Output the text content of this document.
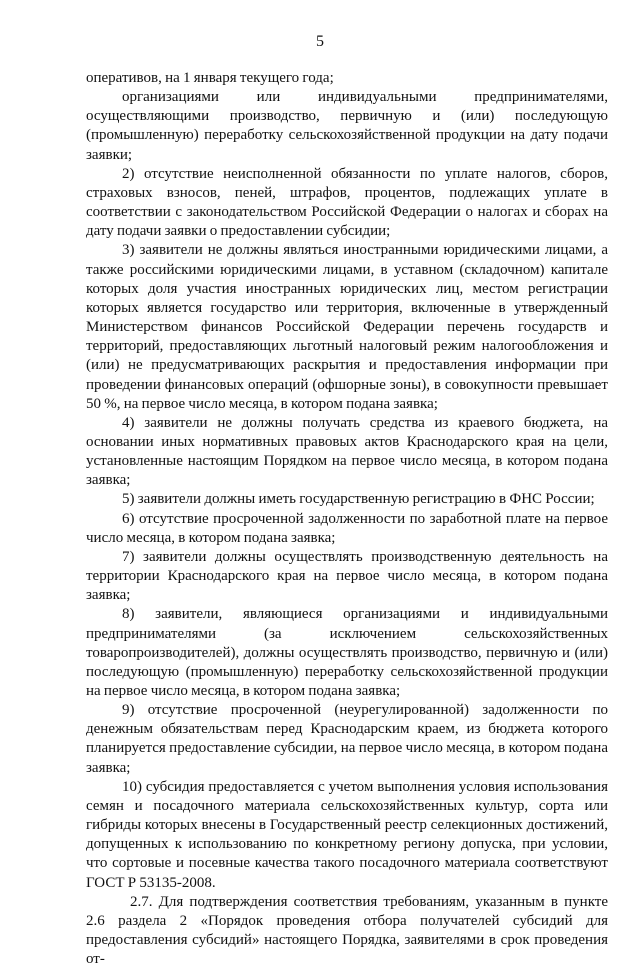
5

оперативов, на 1 января текущего года;

организациями или индивидуальными предпринимателями, осуществляющими производство, первичную и (или) последующую (промышленную) переработку сельскохозяйственной продукции на дату подачи заявки;

2) отсутствие неисполненной обязанности по уплате налогов, сборов, страховых взносов, пеней, штрафов, процентов, подлежащих уплате в соответствии с законодательством Российской Федерации о налогах и сборах на дату подачи заявки о предоставлении субсидии;

3) заявители не должны являться иностранными юридическими лицами, а также российскими юридическими лицами, в уставном (складочном) капитале которых доля участия иностранных юридических лиц, местом регистрации которых является государство или территория, включенные в утвержденный Министерством финансов Российской Федерации перечень государств и территорий, предоставляющих льготный налоговый режим налогообложения и (или) не предусматривающих раскрытия и предоставления информации при проведении финансовых операций (офшорные зоны), в совокупности превышает 50 %, на первое число месяца, в котором подана заявка;

4) заявители не должны получать средства из краевого бюджета, на основании иных нормативных правовых актов Краснодарского края на цели, установленные настоящим Порядком на первое число месяца, в котором подана заявка;

5) заявители должны иметь государственную регистрацию в ФНС России;

6) отсутствие просроченной задолженности по заработной плате на первое число месяца, в котором подана заявка;

7) заявители должны осуществлять производственную деятельность на территории Краснодарского края на первое число месяца, в котором подана заявка;

8) заявители, являющиеся организациями и индивидуальными предпринимателями (за исключением сельскохозяйственных товаропроизводителей), должны осуществлять производство, первичную и (или) последующую (промышленную) переработку сельскохозяйственной продукции на первое число месяца, в котором подана заявка;

9) отсутствие просроченной (неурегулированной) задолженности по денежным обязательствам перед Краснодарским краем, из бюджета которого планируется предоставление субсидии, на первое число месяца, в котором подана заявка;

10) субсидия предоставляется с учетом выполнения условия использования семян и посадочного материала сельскохозяйственных культур, сорта или гибриды которых внесены в Государственный реестр селекционных достижений, допущенных к использованию по конкретному региону допуска, при условии, что сортовые и посевные качества такого посадочного материала соответствуют ГОСТ Р 53135-2008.

2.7. Для подтверждения соответствия требованиям, указанным в пункте 2.6 раздела 2 «Порядок проведения отбора получателей субсидий для предоставления субсидий» настоящего Порядка, заявителями в срок проведения от-
